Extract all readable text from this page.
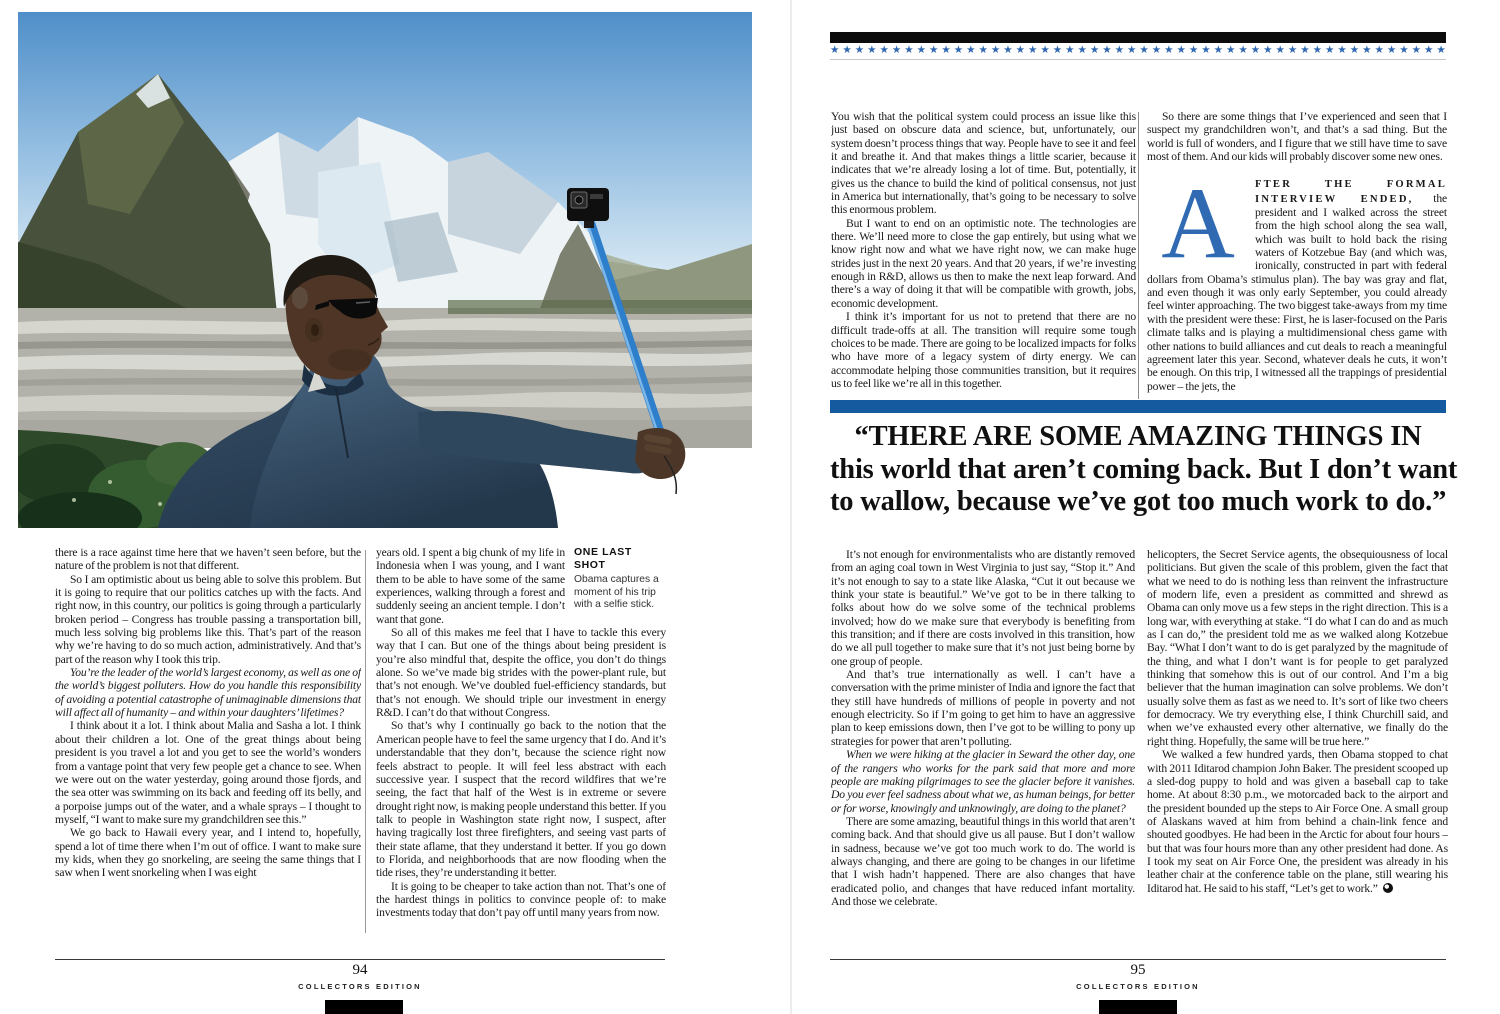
there is a race against time here that we haven’t seen before, but the nature of the problem is not that different.

So I am optimistic about us being able to solve this problem. But it is going to require that our politics catches up with the facts. And right now, in this country, our politics is going through a particularly broken period – Congress has trouble passing a transportation bill, much less solving big problems like this. That’s part of the reason why we’re having to do so much action, administratively. And that’s part of the reason why I took this trip.

You’re the leader of the world’s largest economy, as well as one of the world’s biggest polluters. How do you handle this responsibility of avoiding a potential catastrophe of unimaginable dimensions that will affect all of humanity – and within your daughters’ lifetimes?

I think about it a lot. I think about Malia and Sasha a lot. I think about their children a lot. One of the great things about being president is you travel a lot and you get to see the world’s wonders from a vantage point that very few people get a chance to see. When we were out on the water yesterday, going around those fjords, and the sea otter was swimming on its back and feeding off its belly, and a porpoise jumps out of the water, and a whale sprays – I thought to myself, “I want to make sure my grandchildren see this.”

We go back to Hawaii every year, and I intend to, hopefully, spend a lot of time there when I’m out of office. I want to make sure my kids, when they go snorkeling, are seeing the same things that I saw when I went snorkeling when I was eight

ONE LAST SHOT
Obama captures a moment of his trip with a selfie stick.

years old. I spent a big chunk of my life in Indonesia when I was young, and I want them to be able to have some of the same experiences, walking through a forest and suddenly seeing an ancient temple. I don’t want that gone.

So all of this makes me feel that I have to tackle this every way that I can. But one of the things about being president is you’re also mindful that, despite the office, you don’t do things alone. So we’ve made big strides with the power-plant rule, but that’s not enough. We’ve doubled fuel-efficiency standards, but that’s not enough. We should triple our investment in energy R&D. I can’t do that without Congress.

So that’s why I continually go back to the notion that the American people have to feel the same urgency that I do. And it’s understandable that they don’t, because the science right now feels abstract to people. It will feel less abstract with each successive year. I suspect that the record wildfires that we’re seeing, the fact that half of the West is in extreme or severe drought right now, is making people understand this better. If you talk to people in Washington state right now, I suspect, after having tragically lost three firefighters, and seeing vast parts of their state aflame, that they understand it better. If you go down to Florida, and neighborhoods that are now flooding when the tide rises, they’re understanding it better.

It is going to be cheaper to take action than not. That’s one of the hardest things in politics to convince people of: to make investments today that don’t pay off until many years from now.

94
COLLECTORS EDITION
★ ★ ★ ★ ★ ★ ★ ★ ★ ★ ★ ★ ★ ★ ★ ★ ★ ★ ★ ★ ★ ★ ★ ★ ★ ★ ★ ★ ★ ★ ★ ★ ★ ★ ★ ★ ★ ★ ★ ★ ★ ★ ★ ★ ★ ★ ★ ★ ★ ★

You wish that the political system could process an issue like this just based on obscure data and science, but, unfortunately, our system doesn’t process things that way. People have to see it and feel it and breathe it. And that makes things a little scarier, because it indicates that we’re already losing a lot of time. But, potentially, it gives us the chance to build the kind of political consensus, not just in America but internationally, that’s going to be necessary to solve this enormous problem.

But I want to end on an optimistic note. The technologies are there. We’ll need more to close the gap entirely, but using what we know right now and what we have right now, we can make huge strides just in the next 20 years. And that 20 years, if we’re investing enough in R&D, allows us then to make the next leap forward. And there’s a way of doing it that will be compatible with growth, jobs, economic development.

I think it’s important for us not to pretend that there are no difficult trade-offs at all. The transition will require some tough choices to be made. There are going to be localized impacts for folks who have more of a legacy system of dirty energy. We can accommodate helping those communities transition, but it requires us to feel like we’re all in this together.

So there are some things that I’ve experienced and seen that I suspect my grandchildren won’t, and that’s a sad thing. But the world is full of wonders, and I figure that we still have time to save most of them. And our kids will probably discover some new ones.

A	FTER THE FORMAL INTERVIEW ENDED, the president and I walked across the street from the high school along the sea wall, which was built to hold back the rising waters of Kotzebue Bay (and which was, ironically, constructed in part with federal dollars from Obama’s stimulus plan). The bay was gray and flat, and even though it was only early September, you could already feel winter approaching. The two biggest take-aways from my time with the president were these: First, he is laser-focused on the Paris climate talks and is playing a multidimensional chess game with other nations to build alliances and cut deals to reach a meaningful agreement later this year. Second, whatever deals he cuts, it won’t be enough. On this trip, I witnessed all the trappings of presidential power – the jets, the

“THERE ARE SOME AMAZING THINGS IN
this world that aren’t coming back. But I don’t want
to wallow, because we’ve got too much work to do.”

It’s not enough for environmentalists who are distantly removed from an aging coal town in West Virginia to just say, “Stop it.” And it’s not enough to say to a state like Alaska, “Cut it out because we think your state is beautiful.” We’ve got to be in there talking to folks about how do we solve some of the technical problems involved; how do we make sure that everybody is benefiting from this transition; and if there are costs involved in this transition, how do we all pull together to make sure that it’s not just being borne by one group of people.

And that’s true internationally as well. I can’t have a conversation with the prime minister of India and ignore the fact that they still have hundreds of millions of people in poverty and not enough electricity. So if I’m going to get him to have an aggressive plan to keep emissions down, then I’ve got to be willing to pony up strategies for power that aren’t polluting.

When we were hiking at the glacier in Seward the other day, one of the rangers who works for the park said that more and more people are making pilgrimages to see the glacier before it vanishes. Do you ever feel sadness about what we, as human beings, for better or for worse, knowingly and unknowingly, are doing to the planet?

There are some amazing, beautiful things in this world that aren’t coming back. And that should give us all pause. But I don’t wallow in sadness, because we’ve got too much work to do. The world is always changing, and there are going to be changes in our lifetime that I wish hadn’t happened. There are also changes that have eradicated polio, and changes that have reduced infant mortality. And those we celebrate.

helicopters, the Secret Service agents, the obsequiousness of local politicians. But given the scale of this problem, given the fact that what we need to do is nothing less than reinvent the infrastructure of modern life, even a president as committed and shrewd as Obama can only move us a few steps in the right direction. This is a long war, with everything at stake. “I do what I can do and as much as I can do,” the president told me as we walked along Kotzebue Bay. “What I don’t want to do is get paralyzed by the magnitude of the thing, and what I don’t want is for people to get paralyzed thinking that somehow this is out of our control. And I’m a big believer that the human imagination can solve problems. We don’t usually solve them as fast as we need to. It’s sort of like two cheers for democracy. We try everything else, I think Churchill said, and when we’ve exhausted every other alternative, we finally do the right thing. Hopefully, the same will be true here.”

We walked a few hundred yards, then Obama stopped to chat with 2011 Iditarod champion John Baker. The president scooped up a sled-dog puppy to hold and was given a baseball cap to take home. At about 8:30 p.m., we motorcaded back to the airport and the president bounded up the steps to Air Force One. A small group of Alaskans waved at him from behind a chain-link fence and shouted goodbyes. He had been in the Arctic for about four hours – but that was four hours more than any other president had done. As I took my seat on Air Force One, the president was already in his leather chair at the conference table on the plane, still wearing his Iditarod hat. He said to his staff, “Let’s get to work.”

95
COLLECTORS EDITION
